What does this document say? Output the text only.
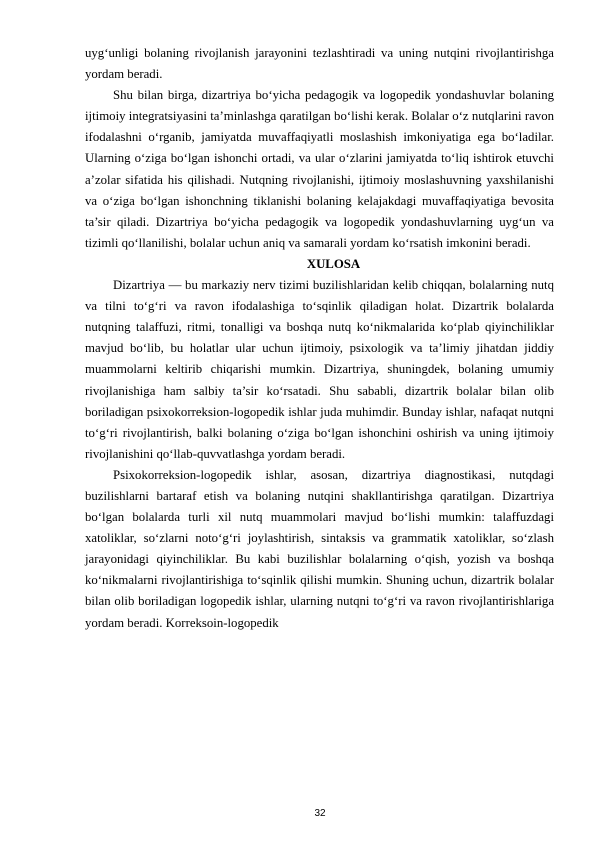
uyg‘unligi bolaning rivojlanish jarayonini tezlashtiradi va uning nutqini rivojlantirishga yordam beradi.

Shu bilan birga, dizartriya bo‘yicha pedagogik va logopedik yondashuvlar bolaning ijtimoiy integratsiyasini ta’minlashga qaratilgan bo‘lishi kerak. Bolalar o‘z nutqlarini ravon ifodalashni o‘rganib, jamiyatda muvaffaqiyatli moslashish imkoniyatiga ega bo‘ladilar. Ularning o‘ziga bo‘lgan ishonchi ortadi, va ular o‘zlarini jamiyatda to‘liq ishtirok etuvchi a’zolar sifatida his qilishadi. Nutqning rivojlanishi, ijtimoiy moslashuvning yaxshilanishi va o‘ziga bo‘lgan ishonchning tiklanishi bolaning kelajakdagi muvaffaqiyatiga bevosita ta’sir qiladi. Dizartriya bo‘yicha pedagogik va logopedik yondashuvlarning uyg‘un va tizimli qo‘llanilishi, bolalar uchun aniq va samarali yordam ko‘rsatish imkonini beradi.

XULOSA

Dizartriya — bu markaziy nerv tizimi buzilishlaridan kelib chiqqan, bolalarning nutq va tilni to‘g‘ri va ravon ifodalashiga to‘sqinlik qiladigan holat. Dizartrik bolalarda nutqning talaffuzi, ritmi, tonalligi va boshqa nutq ko‘nikmalarida ko‘plab qiyinchiliklar mavjud bo‘lib, bu holatlar ular uchun ijtimoiy, psixologik va ta’limiy jihatdan jiddiy muammolarni keltirib chiqarishi mumkin. Dizartriya, shuningdek, bolaning umumiy rivojlanishiga ham salbiy ta’sir ko‘rsatadi. Shu sababli, dizartrik bolalar bilan olib boriladigan psixokorreksion-logopedik ishlar juda muhimdir. Bunday ishlar, nafaqat nutqni to‘g‘ri rivojlantirish, balki bolaning o‘ziga bo‘lgan ishonchini oshirish va uning ijtimoiy rivojlanishini qo‘llab-quvvatlashga yordam beradi.

Psixokorreksion-logopedik ishlar, asosan, dizartriya diagnostikasi, nutqdagi buzilishlarni bartaraf etish va bolaning nutqini shakllantirishga qaratilgan. Dizartriya bo‘lgan bolalarda turli xil nutq muammolari mavjud bo‘lishi mumkin: talaffuzdagi xatoliklar, so‘zlarni noto‘g‘ri joylashtirish, sintaksis va grammatik xatoliklar, so‘zlash jarayonidagi qiyinchiliklar. Bu kabi buzilishlar bolalarning o‘qish, yozish va boshqa ko‘nikmalarni rivojlantirishiga to‘sqinlik qilishi mumkin. Shuning uchun, dizartrik bolalar bilan olib boriladigan logopedik ishlar, ularning nutqni to‘g‘ri va ravon rivojlantirishlariga yordam beradi. Korreksoin-logopedik

32
